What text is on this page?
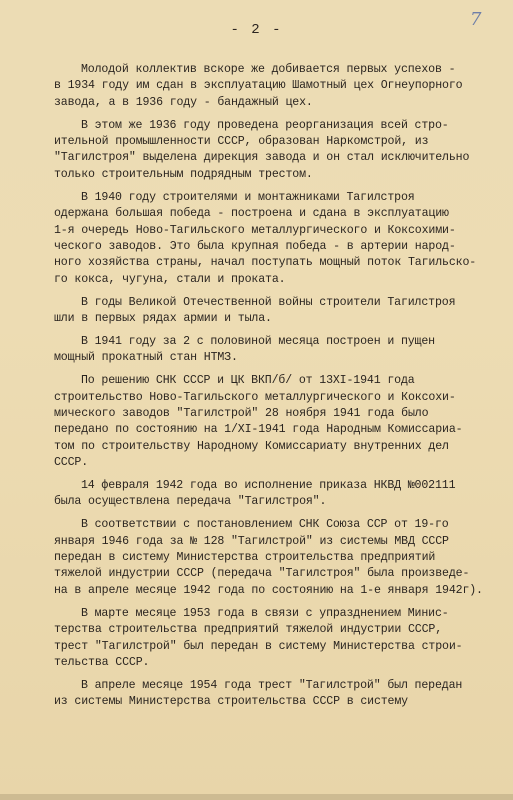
- 2 -	7
Молодой коллектив вскоре же добивается первых успехов -
в 1934 году им сдан в эксплуатацию Шамотный цех Огнеупорного
завода, а в 1936 году - бандажный цех.
В этом же 1936 году проведена реорганизация всей стро-
ительной промышленности СССР, образован Наркомстрой, из
"Тагилстроя" выделена дирекция завода и он стал исключительно
только строительным подрядным трестом.
В 1940 году строителями и монтажниками Тагилстроя
одержана большая победа - построена и сдана в эксплуатацию
1-я очередь Ново-Тагильского металлургического и Коксохими-
ческого заводов. Это была крупная победа - в артерии народ-
ного хозяйства страны, начал поступать мощный поток Тагильско-
го кокса, чугуна, стали и проката.
В годы Великой Отечественной войны строители Тагилстроя
шли в первых рядах армии и тыла.
В 1941 году за 2 с половиной месяца построен и пущен
мощный прокатный стан НТМЗ.
По решению СНК СССР и ЦК ВКП/б/ от 13XI-1941 года
строительство Ново-Тагильского металлургического и Коксохи-
мического заводов "Тагилстрой" 28 ноября 1941 года было
передано по состоянию на 1/XI-1941 года Народным Комиссариа-
том по строительству Народному Комиссариату внутренних дел
СССР.
14 февраля 1942 года во исполнение приказа НКВД №002111
была осуществлена передача "Тагилстроя".
В соответствии с постановлением СНК Союза ССР от 19-го
января 1946 года за № 128 "Тагилстрой" из системы МВД СССР
передан в систему Министерства строительства предприятий
тяжелой индустрии СССР (передача "Тагилстроя" была произведе-
на в апреле месяце 1942 года по состоянию на 1-е января 1942г).
В марте месяце 1953 года в связи с упразднением Минис-
терства строительства предприятий тяжелой индустрии СССР,
трест "Тагилстрой" был передан в систему Министерства строи-
тельства СССР.
В апреле месяце 1954 года трест "Тагилстрой" был передан
из системы Министерства строительства СССР в систему
